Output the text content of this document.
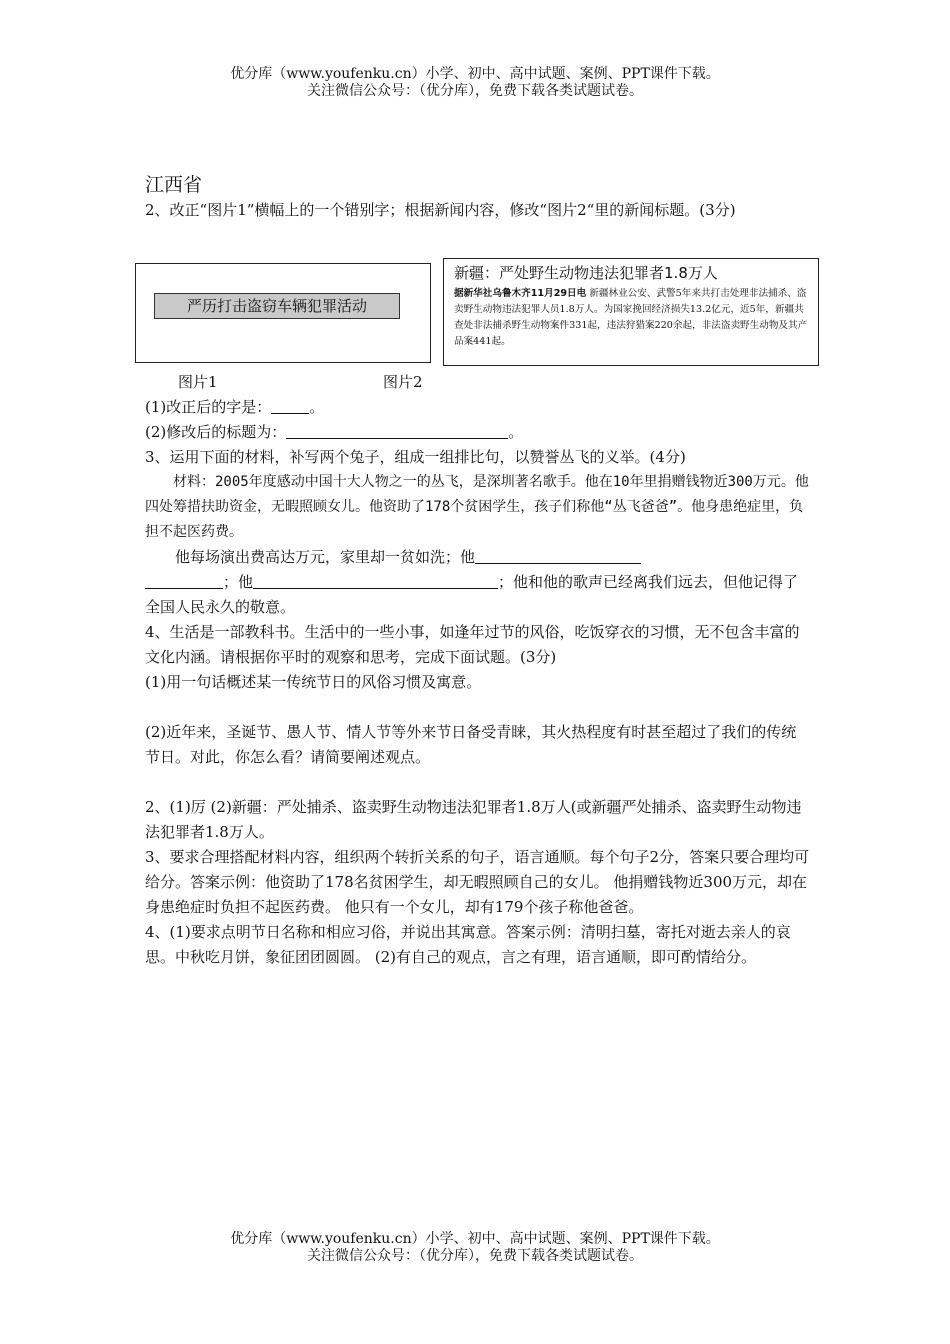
优分库（www.youfenku.cn）小学、初中、高中试题、案例、PPT课件下载。
关注微信公众号：（优分库），免费下载各类试题试卷。

江西省

2、改正“图片1”横幅上的一个错别字；根据新闻内容，修改“图片2“里的新闻标题。(3分)

严历打击盗窃车辆犯罪活动
新疆：严处野生动物违法犯罪者1.8万人
据新华社乌鲁木齐11月29日电 新疆林业公安、武警5年来共打击处理非法捕杀、盗卖野生动物违法犯罪人员1.8万人。为国家挽回经济损失13.2亿元，近5年，新疆共查处非法捕杀野生动物案件331起，违法狩猎案220余起，非法盗卖野生动物及其产品案441起。
图片1	图片2

(1)改正后的字是：	。

(2)修改后的标题为：	。

3、运用下面的材料，补写两个兔子，组成一组排比句，以赞誉丛飞的义举。(4分)

材料：2005年度感动中国十大人物之一的丛飞，是深圳著名歌手。他在10年里捐赠钱物近300万元。他四处筹措扶助资金，无暇照顾女儿。他资助了178个贫困学生，孩子们称他“丛飞爸爸”。他身患绝症里，负担不起医药费。

他每场演出费高达万元，家里却一贫如洗；他

；他	；他和他的歌声已经离我们远去，但他记得了全国人民永久的敬意。

4、生活是一部教科书。生活中的一些小事，如逢年过节的风俗，吃饭穿衣的习惯，无不包含丰富的文化内涵。请根据你平时的观察和思考，完成下面试题。(3分)

(1)用一句话概述某一传统节日的风俗习惯及寓意。

(2)近年来，圣诞节、愚人节、情人节等外来节日备受青睐，其火热程度有时甚至超过了我们的传统节日。对此，你怎么看？请简要阐述观点。

2、(1)厉 (2)新疆：严处捕杀、盗卖野生动物违法犯罪者1.8万人(或新疆严处捕杀、盗卖野生动物违法犯罪者1.8万人。

3、要求合理搭配材料内容，组织两个转折关系的句子，语言通顺。每个句子2分，答案只要合理均可给分。答案示例：他资助了178名贫困学生，却无暇照顾自己的女儿。 他捐赠钱物近300万元，却在身患绝症时负担不起医药费。 他只有一个女儿，却有179个孩子称他爸爸。

4、(1)要求点明节日名称和相应习俗，并说出其寓意。答案示例：清明扫墓，寄托对逝去亲人的哀思。中秋吃月饼，象征团团圆圆。 (2)有自己的观点，言之有理，语言通顺，即可酌情给分。

优分库（www.youfenku.cn）小学、初中、高中试题、案例、PPT课件下载。
关注微信公众号：（优分库），免费下载各类试题试卷。
